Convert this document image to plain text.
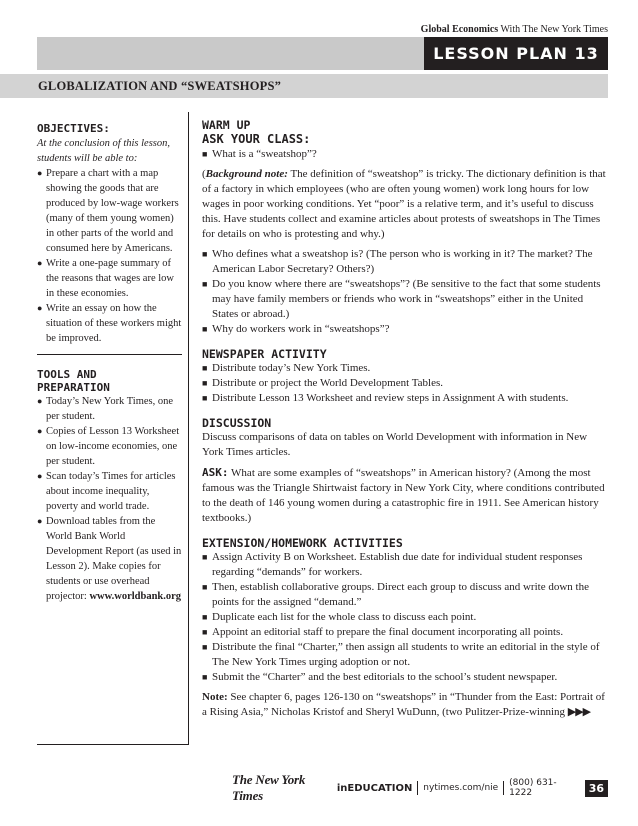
Global Economics With The New York Times
LESSON PLAN 13
GLOBALIZATION AND “SWEATSHOPS”
OBJECTIVES:
At the conclusion of this lesson, students will be able to:
● Prepare a chart with a map showing the goods that are produced by low-wage workers (many of them young women) in other parts of the world and consumed here by Americans.
● Write a one-page summary of the reasons that wages are low in these economies.
● Write an essay on how the situation of these workers might be improved.
TOOLS AND
PREPARATION
● Today’s New York Times, one per student.
● Copies of Lesson 13 Worksheet on low-income economies, one per student.
● Scan today’s Times for articles about income inequality, poverty and world trade.
● Download tables from the World Bank World Development Report (as used in Lesson 2). Make copies for students or use overhead projector: www.worldbank.org
WARM UP
ASK YOUR CLASS:
■ What is a “sweatshop”?
(Background note: The definition of “sweatshop” is tricky. The dictionary definition is that of a factory in which employees (who are often young women) work long hours for low wages in poor working conditions. Yet “poor” is a relative term, and it’s useful to discuss this. Have students collect and examine articles about protests of sweatshops in The Times for details on who is protesting and why.)
■ Who defines what a sweatshop is? (The person who is working in it? The market? The American Labor Secretary? Others?)
■ Do you know where there are “sweatshops”? (Be sensitive to the fact that some students may have family members or friends who work in “sweatshops” either in the United States or abroad.)
■ Why do workers work in “sweatshops”?
NEWSPAPER ACTIVITY
■ Distribute today’s New York Times.
■ Distribute or project the World Development Tables.
■ Distribute Lesson 13 Worksheet and review steps in Assignment A with students.
DISCUSSION
Discuss comparisons of data on tables on World Development with information in New York Times articles.
ASK: What are some examples of “sweatshops” in American history? (Among the most famous was the Triangle Shirtwaist factory in New York City, where conditions contributed to the death of 146 young women during a catastrophic fire in 1911. See American history textbooks.)
EXTENSION/HOMEWORK ACTIVITIES
■ Assign Activity B on Worksheet. Establish due date for individual student responses regarding “demands” for workers.
■ Then, establish collaborative groups. Direct each group to discuss and write down the points for the assigned “demand.”
■ Duplicate each list for the whole class to discuss each point.
■ Appoint an editorial staff to prepare the final document incorporating all points.
■ Distribute the final “Charter,” then assign all students to write an editorial in the style of The New York Times urging adoption or not.
■ Submit the “Charter” and the best editorials to the school’s student newspaper.
Note: See chapter 6, pages 126-130 on “sweatshops” in “Thunder from the East: Portrait of a Rising Asia,” Nicholas Kristof and Sheryl WuDunn, (two Pulitzer-Prize-winning ▶▶▶
The New York Times	inEDUCATION nytimes.com/nie (800) 631-1222	36
